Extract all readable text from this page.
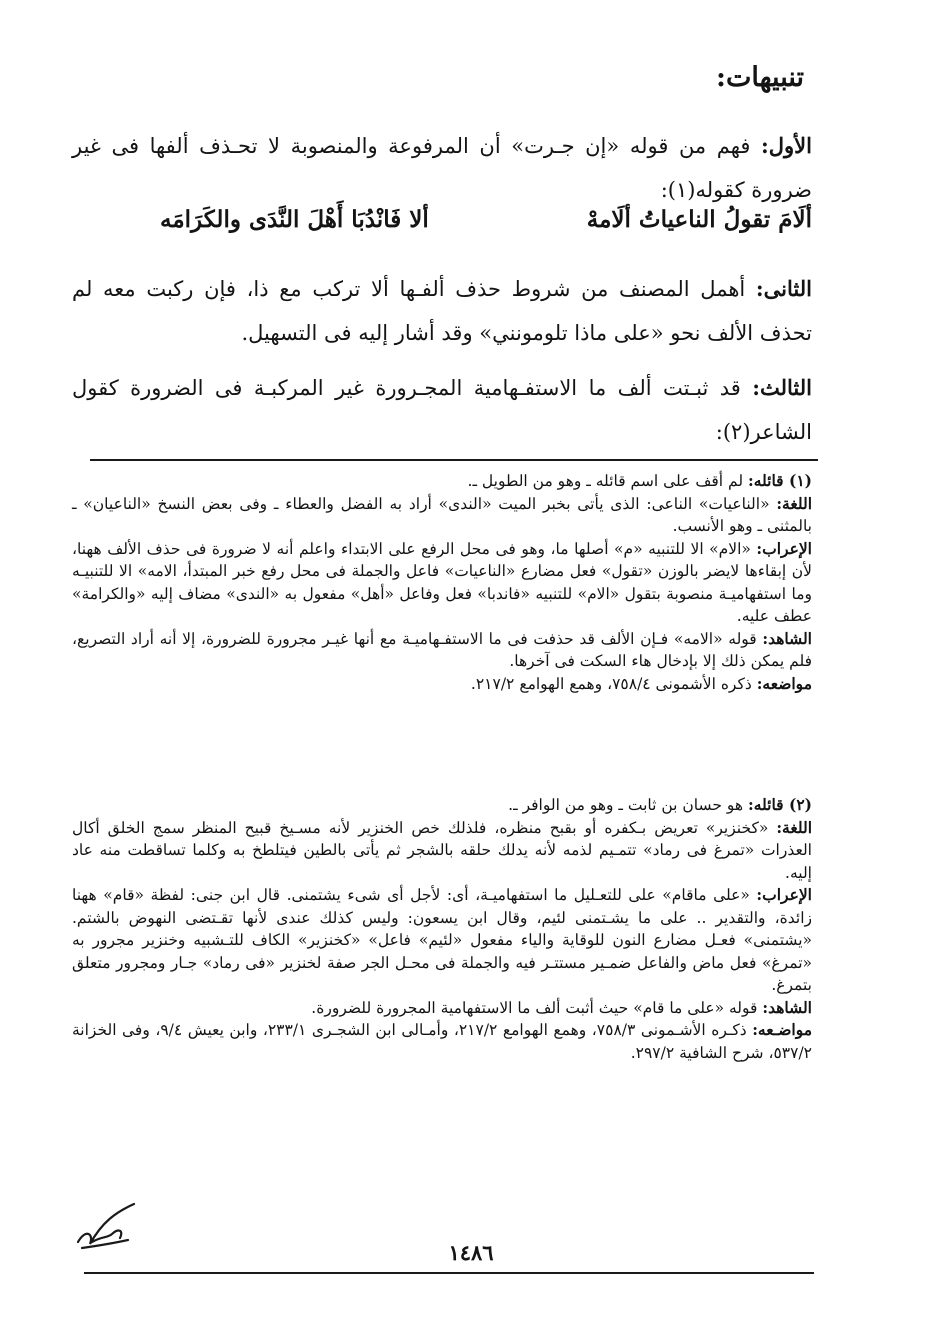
تنبيهات:
الأول: فهم من قوله «إن جـرت» أن المرفوعة والمنصوبة لا تحـذف ألفها فى غير ضرورة كقوله(١):
ألَامَ تقولُ الناعياتُ ألَامهْ
ألا فَانْدُبَا أَهْلَ النَّدَى والكَرَامَه
الثانى: أهمل المصنف من شروط حذف ألفـها ألا تركب مع ذا، فإن ركبت معه لم تحذف الألف نحو «على ماذا تلومونني» وقد أشار إليه فى التسهيل.
الثالث: قد ثبـتت ألف ما الاستفـهامية المجـرورة غير المركبـة فى الضرورة كقول الشاعر(٢):

(١) قائله: لم أقف على اسم قائله ـ وهو من الطويل ـ.

اللغة: «الناعيات» الناعى: الذى يأتى بخبر الميت «الندى» أراد به الفضل والعطاء ـ وفى بعض النسخ «الناعيان» ـ بالمثنى ـ وهو الأنسب.

الإعراب: «الام» الا للتنبيه «م» أصلها ما، وهو فى محل الرفع على الابتداء واعلم أنه لا ضرورة فى حذف الألف ههنا، لأن إبقاءها لايضر بالوزن «تقول» فعل مضارع «الناعيات» فاعل والجملة فى محل رفع خبر المبتدأ، الامه» الا للتنبيـه وما استفهاميـة منصوبة بتقول «الام» للتنبيه «فاندبا» فعل وفاعل «أهل» مفعول به «الندى» مضاف إليه «والكرامة» عطف عليه.

الشاهد: قوله «الامه» فـإن الألف قد حذفت فى ما الاستفـهاميـة مع أنها غيـر مجرورة للضرورة، إلا أنه أراد التصريع، فلم يمكن ذلك إلا بإدخال هاء السكت فى آخرها.

مواضعه: ذكره الأشمونى ٧٥٨/٤، وهمع الهوامع ٢١٧/٢.

(٢) قائله: هو حسان بن ثابت ـ وهو من الوافر ـ.

اللغة: «كخنزير» تعريض بـكفره أو بقبح منظره، فلذلك خص الخنزير لأنه مسـيخ قبيح المنظر سمج الخلق أكال العذرات «تمرغ فى رماد» تتمـيم لذمه لأنه يدلك حلقه بالشجر ثم يأتى بالطين فيتلطخ به وكلما تساقطت منه عاد إليه.

الإعراب: «على ماقام» على للتعـليل ما استفهاميـة، أى: لأجل أى شىء يشتمنى. قال ابن جنى: لفظة «قام» ههنا زائدة، والتقدير .. على ما يشـتمنى لئيم، وقال ابن يسعون: وليس كذلك عندى لأنها تقـتضى النهوض بالشتم. «يشتمنى» فعـل مضارع النون للوقاية والياء مفعول «لئيم» فاعل» «كخنزير» الكاف للتـشبيه وخنزير مجرور به «تمرغ» فعل ماض والفاعل ضمـير مستتـر فيه والجملة فى محـل الجر صفة لخنزير «فى رماد» جـار ومجرور متعلق بتمرغ.

الشاهد: قوله «على ما قام» حيث أثبت ألف ما الاستفهامية المجرورة للضرورة.

مواضـعه: ذكـره الأشـمونى ٧٥٨/٣، وهمع الهوامع ٢١٧/٢، وأمـالى ابن الشجـرى ٢٣٣/١، وابن يعيش ٩/٤، وفى الخزانة ٥٣٧/٢، شرح الشافية ٢٩٧/٢.

١٤٨٦
